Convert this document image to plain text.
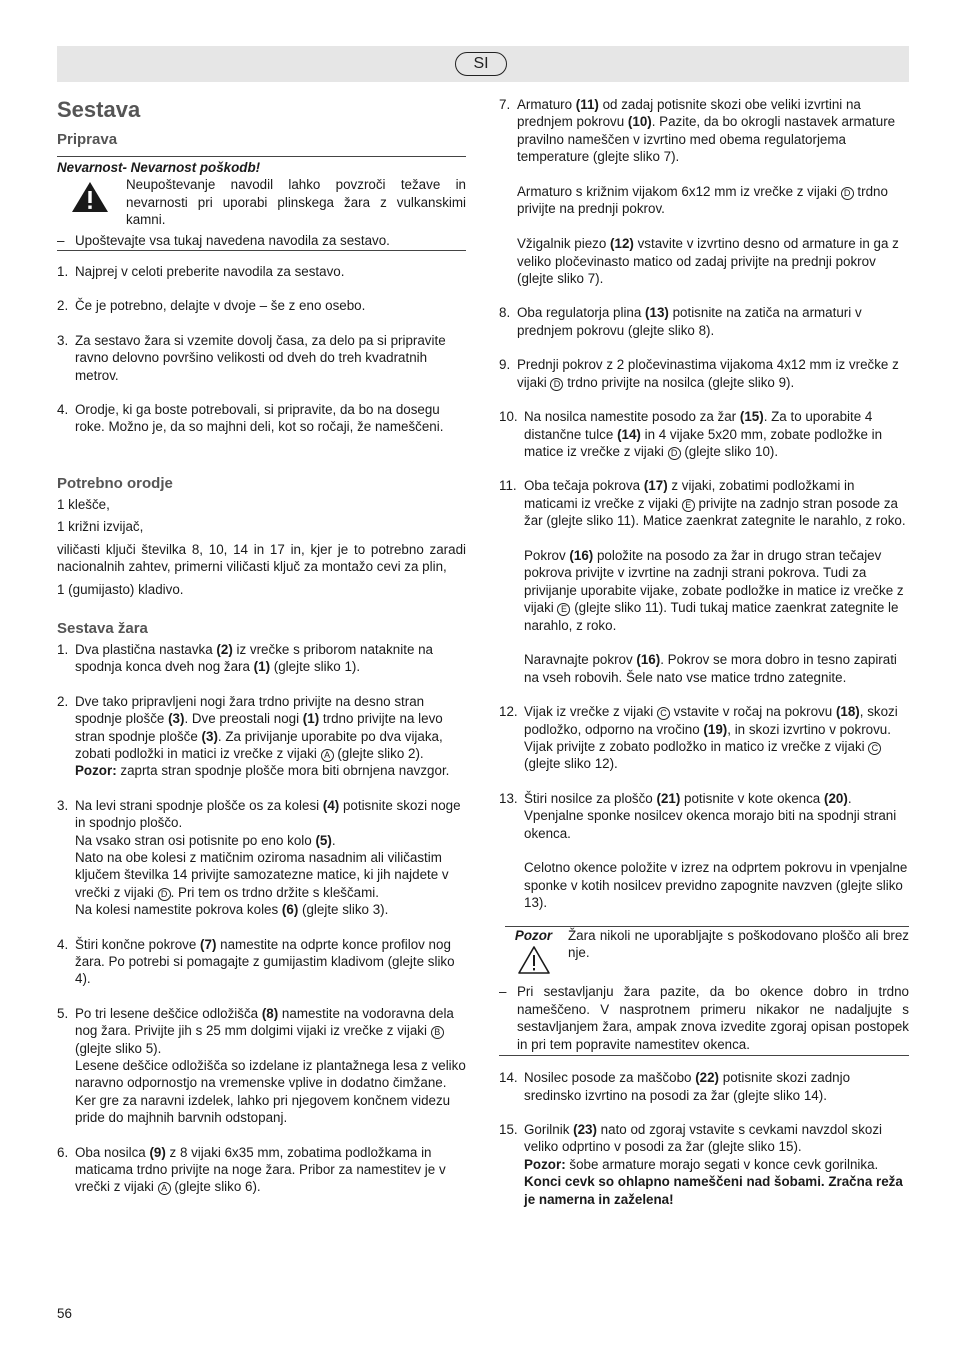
SI
Sestava
Priprava
Nevarnost- Nevarnost poškodb!
Neupoštevanje navodil lahko povzroči težave in nevarnosti pri uporabi plinskega žara z vulkanskimi kamni.
– Upoštevajte vsa tukaj navedena navodila za sestavo.
1. Najprej v celoti preberite navodila za sestavo.
2. Če je potrebno, delajte v dvoje – še z eno osebo.
3. Za sestavo žara si vzemite dovolj časa, za delo pa si pripravite ravno delovno površino velikosti od dveh do treh kvadratnih metrov.
4. Orodje, ki ga boste potrebovali, si pripravite, da bo na dosegu roke. Možno je, da so majhni deli, kot so ročaji, že nameščeni.
Potrebno orodje

1 klešče,

1 križni izvijač,

viličasti ključi številka 8, 10, 14 in 17 in, kjer je to potrebno zaradi nacionalnih zahtev, primerni viličasti ključ za montažo cevi za plin,

1 (gumijasto) kladivo.

Sestava žara
1. Dva plastična nastavka (2) iz vrečke s priborom nataknite na spodnja konca dveh nog žara (1) (glejte sliko 1).
2. Dve tako pripravljeni nogi žara trdno privijte na desno stran spodnje plošče (3). Dve preostali nogi (1) trdno privijte na levo stran spodnje plošče (3). Za privijanje uporabite po dva vijaka, zobati podložki in matici iz vrečke z vijaki A (glejte sliko 2).
Pozor: zaprta stran spodnje plošče mora biti obrnjena navzgor.
3. Na levi strani spodnje plošče os za kolesi (4) potisnite skozi noge in spodnjo ploščo.
Na vsako stran osi potisnite po eno kolo (5).
Nato na obe kolesi z matičnim oziroma nasadnim ali viličastim ključem številka 14 privijte samozatezne matice, ki jih najdete v vrečki z vijaki D . Pri tem os trdno držite s kleščami.
Na kolesi namestite pokrova koles (6) (glejte sliko 3).
4. Štiri končne pokrove (7) namestite na odprte konce profilov nog žara. Po potrebi si pomagajte z gumijastim kladivom (glejte sliko 4).
5. Po tri lesene deščice odložišča (8) namestite na vodoravna dela nog žara. Privijte jih s 25 mm dolgimi vijaki iz vrečke z vijaki B (glejte sliko 5).
Lesene deščice odložišča so izdelane iz plantažnega lesa z veliko naravno odpornostjo na vremenske vplive in dodatno čimžane.
Ker gre za naravni izdelek, lahko pri njegovem končnem videzu pride do majhnih barvnih odstopanj.
6. Oba nosilca (9) z 8 vijaki 6x35 mm, zobatima podložkama in maticama trdno privijte na noge žara. Pribor za namestitev je v vrečki z vijaki A (glejte sliko 6).
7. Armaturo (11) od zadaj potisnite skozi obe veliki izvrtini na prednjem pokrovu (10). Pazite, da bo okrogli nastavek armature pravilno nameščen v izvrtino med obema regulatorjema temperature (glejte sliko 7).

Armaturo s križnim vijakom 6x12 mm iz vrečke z vijaki D trdno privijte na prednji pokrov.

Vžigalnik piezo (12) vstavite v izvrtino desno od armature in ga z veliko pločevinasto matico od zadaj privijte na prednji pokrov (glejte sliko 7).
8. Oba regulatorja plina (13) potisnite na zatiča na armaturi v prednjem pokrovu (glejte sliko 8).
9. Prednji pokrov z 2 pločevinastima vijakoma 4x12 mm iz vrečke z vijaki D trdno privijte na nosilca (glejte sliko 9).
10. Na nosilca namestite posodo za žar (15). Za to uporabite 4 distančne tulce (14) in 4 vijake 5x20 mm, zobate podložke in matice iz vrečke z vijaki D (glejte sliko 10).
11. Oba tečaja pokrova (17) z vijaki, zobatimi podložkami in maticami iz vrečke z vijaki E privijte na zadnjo stran posode za žar (glejte sliko 11). Matice zaenkrat zategnite le narahlo, z roko.

Pokrov (16) položite na posodo za žar in drugo stran tečajev pokrova privijte v izvrtine na zadnji strani pokrova. Tudi za privijanje uporabite vijake, zobate podložke in matice iz vrečke z vijaki E (glejte sliko 11). Tudi tukaj matice zaenkrat zategnite le narahlo, z roko.

Naravnajte pokrov (16). Pokrov se mora dobro in tesno zapirati na vseh robovih. Šele nato vse matice trdno zategnite.
12. Vijak iz vrečke z vijaki C vstavite v ročaj na pokrovu (18), skozi podložko, odporno na vročino (19), in skozi izvrtino v pokrovu.
Vijak privijte z zobato podložko in matico iz vrečke z vijaki C (glejte sliko 12).
13. Štiri nosilce za ploščo (21) potisnite v kote okenca (20). Vpenjalne sponke nosilcev okenca morajo biti na spodnji strani okenca.

Celotno okence položite v izrez na odprtem pokrovu in vpenjalne sponke v kotih nosilcev previdno zapognite navzven (glejte sliko 13).
Pozor	Žara nikoli ne uporabljajte s poškodovano ploščo ali brez nje.
– Pri sestavljanju žara pazite, da bo okence dobro in trdno nameščeno. V nasprotnem primeru nikakor ne nadaljujte s sestavljanjem žara, ampak znova izvedite zgoraj opisan postopek in pri tem popravite namestitev okenca.
14. Nosilec posode za maščobo (22) potisnite skozi zadnjo sredinsko izvrtino na posodi za žar (glejte sliko 14).
15. Gorilnik (23) nato od zgoraj vstavite s cevkami navzdol skozi veliko odprtino v posodi za žar (glejte sliko 15).
Pozor: šobe armature morajo segati v konce cevk gorilnika.
Konci cevk so ohlapno nameščeni nad šobami. Zračna reža je namerna in zaželena!
56
